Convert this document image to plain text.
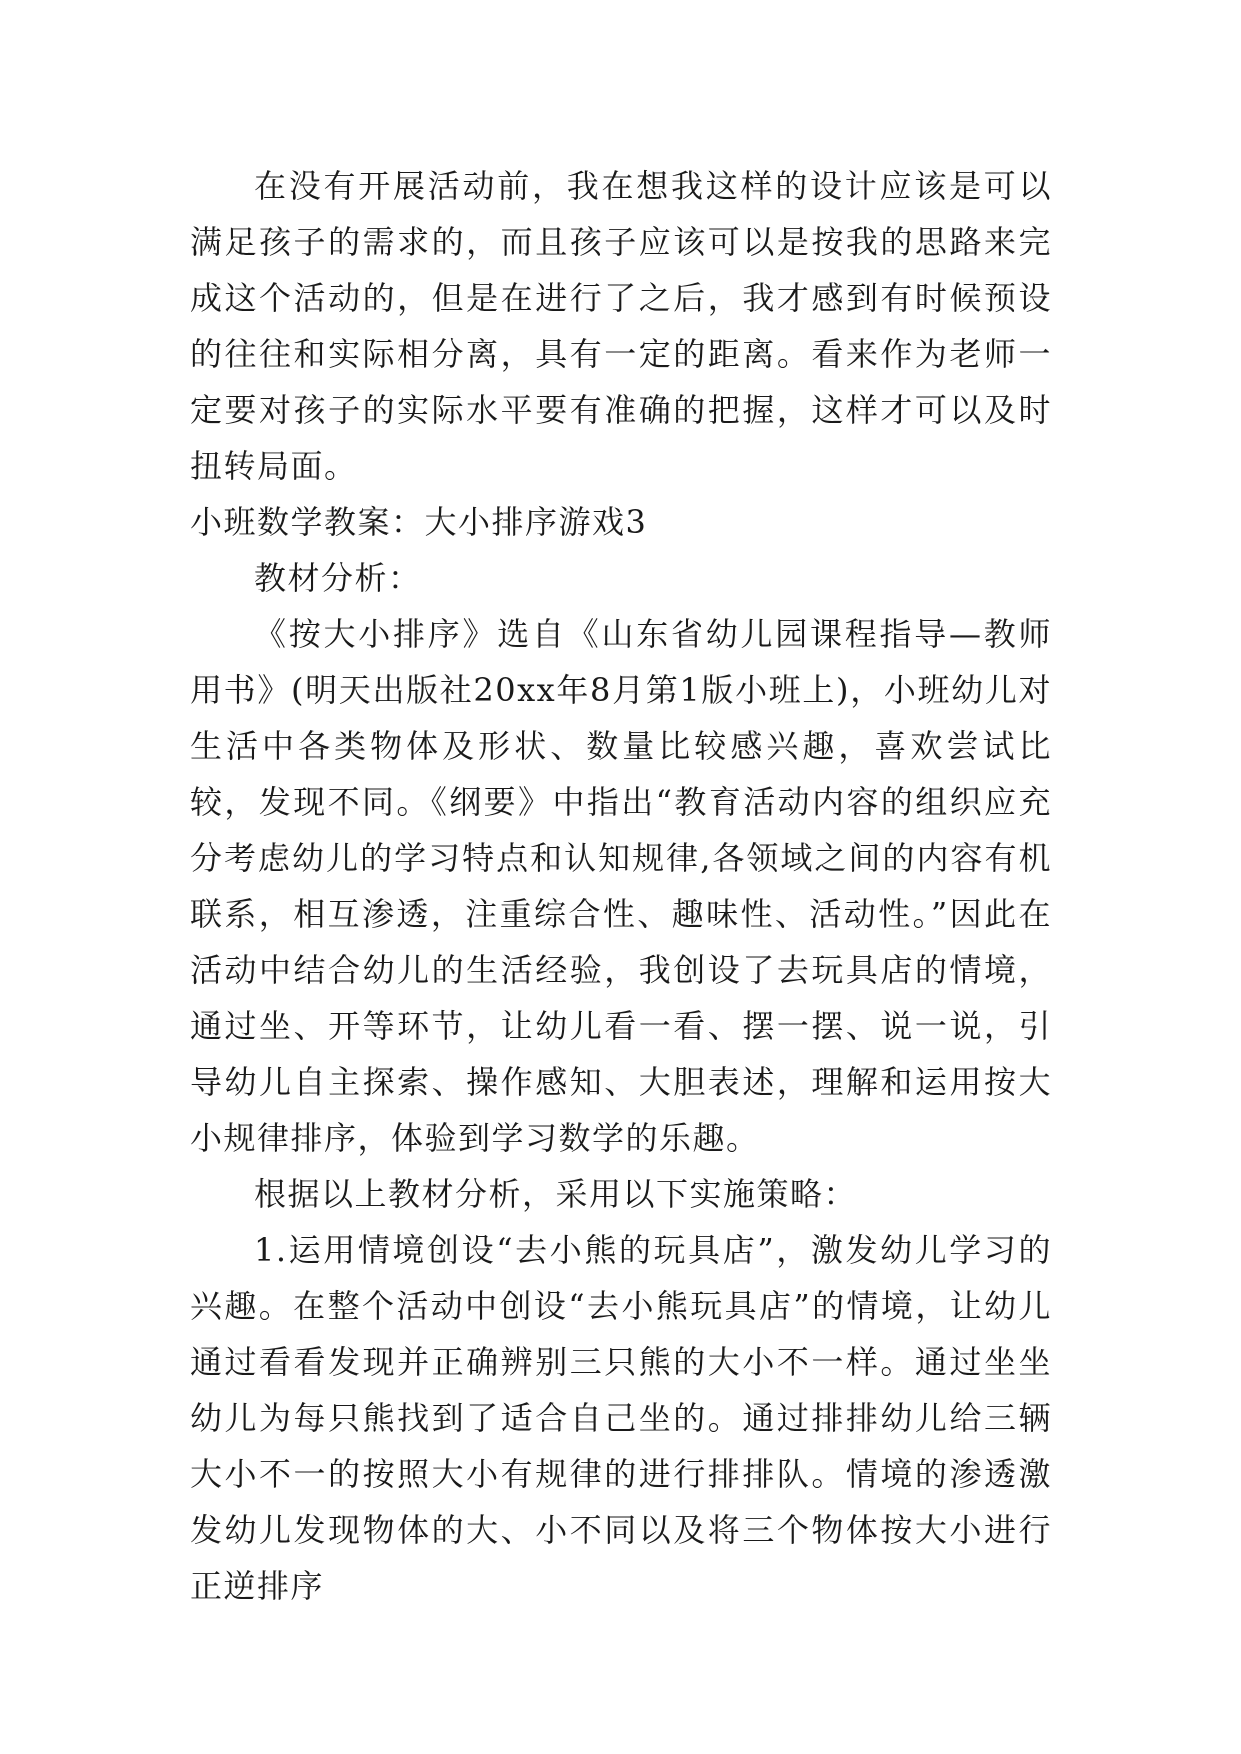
在没有开展活动前，我在想我这样的设计应该是可以满足孩子的需求的，而且孩子应该可以是按我的思路来完成这个活动的，但是在进行了之后，我才感到有时候预设的往往和实际相分离，具有一定的距离。看来作为老师一定要对孩子的实际水平要有准确的把握，这样才可以及时扭转局面。

小班数学教案：大小排序游戏3

教材分析：

《按大小排序》选自《山东省幼儿园课程指导—教师用书》(明天出版社20xx年8月第1版小班上)，小班幼儿对生活中各类物体及形状、数量比较感兴趣，喜欢尝试比较，发现不同。《纲要》中指出“教育活动内容的组织应充分考虑幼儿的学习特点和认知规律,各领域之间的内容有机联系，相互渗透，注重综合性、趣味性、活动性。”因此在活动中结合幼儿的生活经验，我创设了去玩具店的情境，通过坐、开等环节，让幼儿看一看、摆一摆、说一说，引导幼儿自主探索、操作感知、大胆表述，理解和运用按大小规律排序，体验到学习数学的乐趣。

根据以上教材分析，采用以下实施策略：

1.运用情境创设“去小熊的玩具店”，激发幼儿学习的兴趣。在整个活动中创设“去小熊玩具店”的情境，让幼儿通过看看发现并正确辨别三只熊的大小不一样。通过坐坐幼儿为每只熊找到了适合自己坐的。通过排排幼儿给三辆大小不一的按照大小有规律的进行排排队。情境的渗透激发幼儿发现物体的大、小不同以及将三个物体按大小进行正逆排序
